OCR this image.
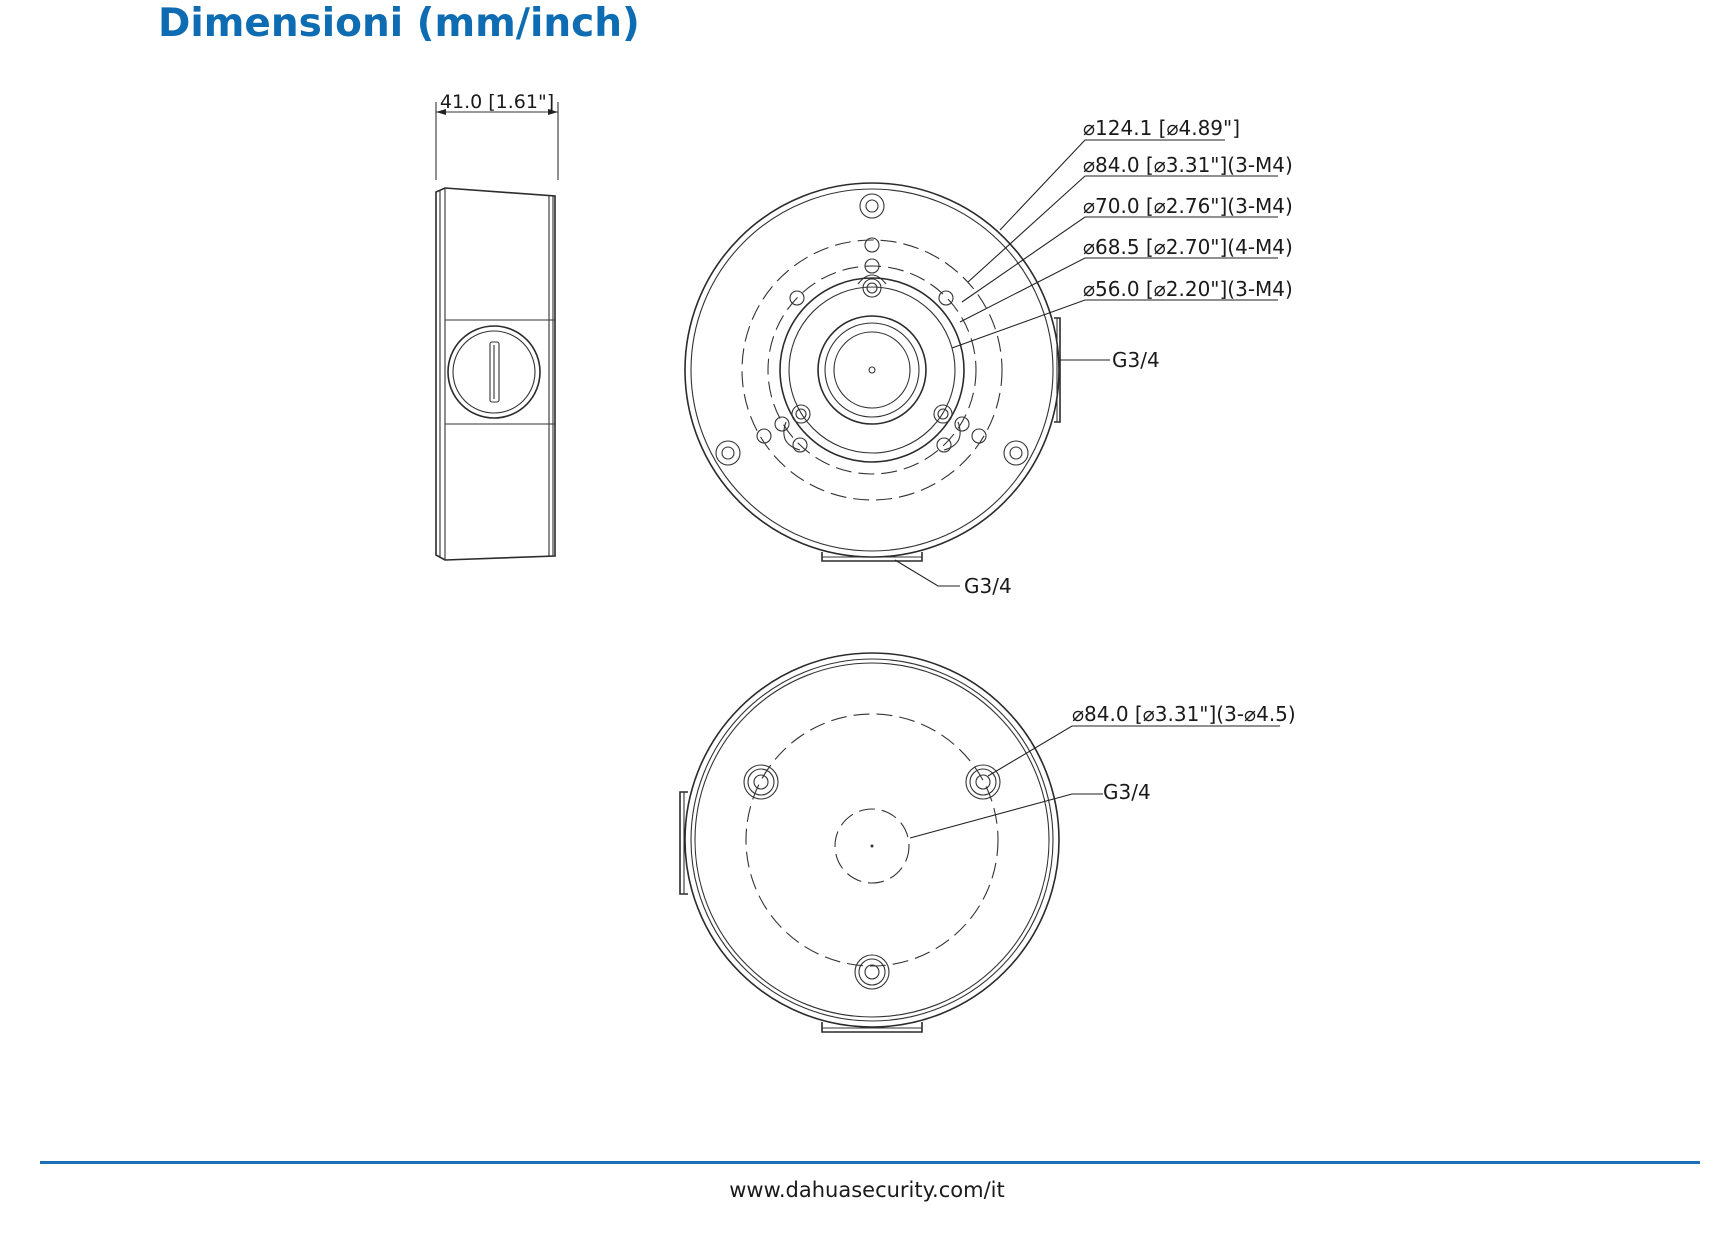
Dimensioni (mm/inch)
41.0 [1.61"]
⌀124.1 [⌀4.89"]
⌀84.0 [⌀3.31"](3-M4)
⌀70.0 [⌀2.76"](3-M4)
⌀68.5 [⌀2.70"](4-M4)
⌀56.0 [⌀2.20"](3-M4)
G3/4
G3/4
⌀84.0 [⌀3.31"](3-⌀4.5)
G3/4
www.dahuasecurity.com/it
